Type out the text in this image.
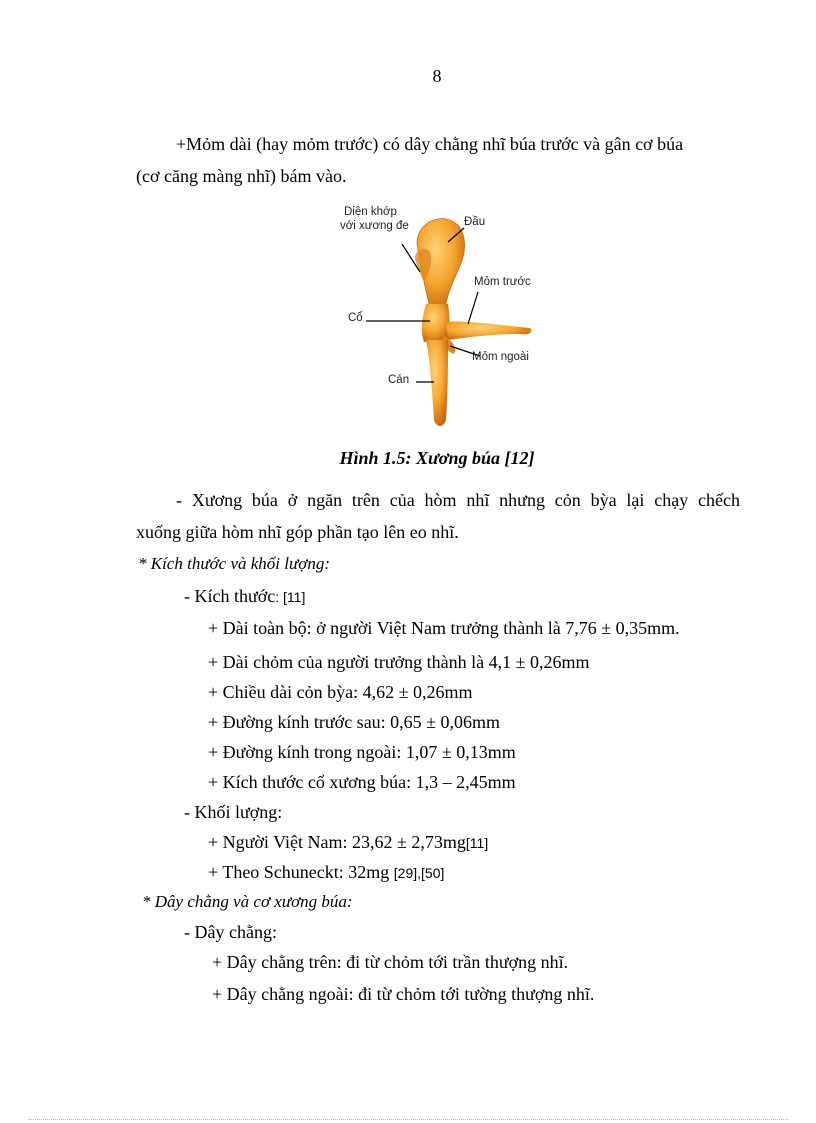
8
+Mỏm dài (hay mỏm trước) có dây chằng nhĩ búa trước và gân cơ búa
(cơ căng màng nhĩ) bám vào.
Diện khớp
với xương đe	Đầu
Mỏm trước
Cổ
Mỏm ngoài
Cán
Hình 1.5: Xương búa [12]
- Xương búa ở ngăn trên của hòm nhĩ nhưng cỏn bỳa lại chạy chếch
xuống giữa hòm nhĩ góp phần tạo lên eo nhĩ.
* Kích thước và khối lượng:
- Kích thước: [11]
+ Dài toàn bộ: ở người Việt Nam trưởng thành là 7,76 ± 0,35mm.
+ Dài chỏm của người trưởng thành là 4,1 ± 0,26mm
+ Chiều dài cỏn bỳa: 4,62 ± 0,26mm
+ Đường kính trước sau: 0,65 ± 0,06mm
+ Đường kính trong ngoài: 1,07 ± 0,13mm
+ Kích thước cổ xương búa: 1,3 – 2,45mm
- Khối lượng:
+ Người Việt Nam: 23,62 ± 2,73mg[11]
+ Theo Schuneckt: 32mg [29],[50]
* Dây chằng và cơ xương búa:
- Dây chằng:
+ Dây chằng trên: đi từ chỏm tới trần thượng nhĩ.
+ Dây chằng ngoài: đi từ chỏm tới tường thượng nhĩ.
